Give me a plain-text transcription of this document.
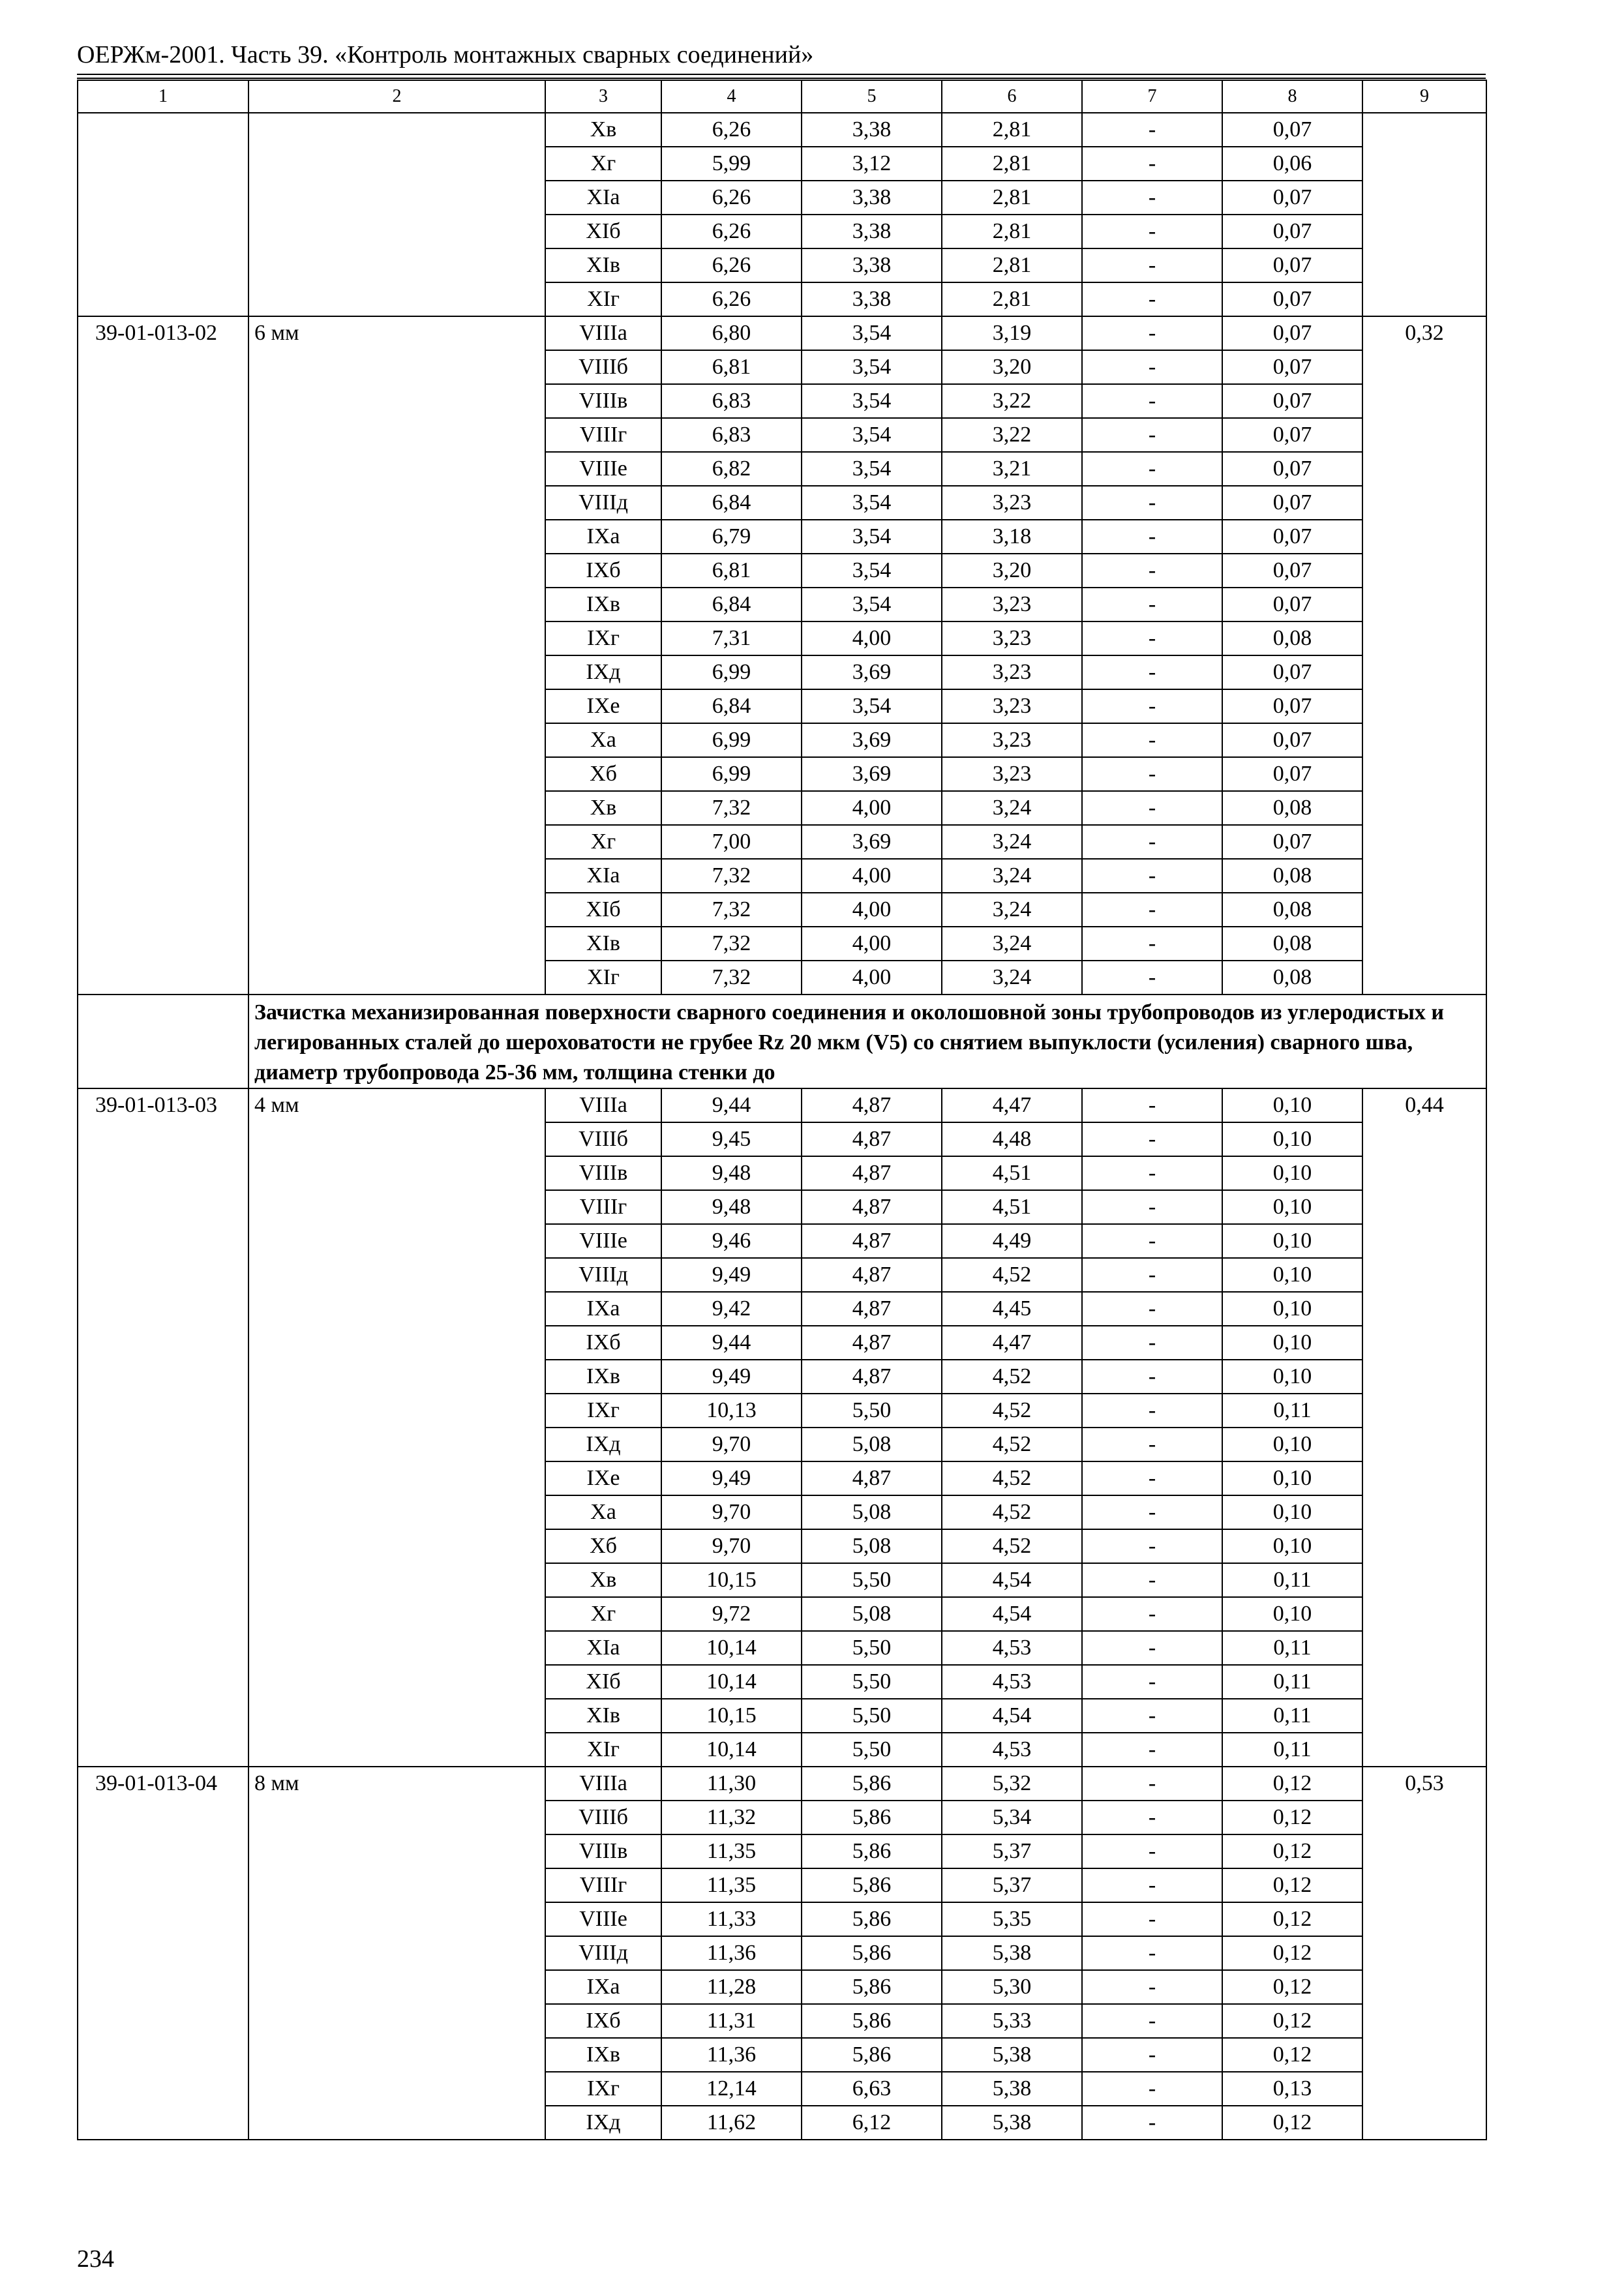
ОЕРЖм-2001. Часть 39. «Контроль монтажных сварных соединений»
1	2	3	4	5	6	7	8	9
		Xв	6,26	3,38	2,81	-	0,07	
		Xг	5,99	3,12	2,81	-	0,06	
		XIа	6,26	3,38	2,81	-	0,07	
		XIб	6,26	3,38	2,81	-	0,07	
		XIв	6,26	3,38	2,81	-	0,07	
		XIг	6,26	3,38	2,81	-	0,07	
39-01-013-02	6 мм	VIIIа	6,80	3,54	3,19	-	0,07	0,32
		VIIIб	6,81	3,54	3,20	-	0,07	
		VIIIв	6,83	3,54	3,22	-	0,07	
		VIIIг	6,83	3,54	3,22	-	0,07	
		VIIIе	6,82	3,54	3,21	-	0,07	
		VIIIд	6,84	3,54	3,23	-	0,07	
		IXа	6,79	3,54	3,18	-	0,07	
		IXб	6,81	3,54	3,20	-	0,07	
		IXв	6,84	3,54	3,23	-	0,07	
		IXг	7,31	4,00	3,23	-	0,08	
		IXд	6,99	3,69	3,23	-	0,07	
		IXе	6,84	3,54	3,23	-	0,07	
		Xа	6,99	3,69	3,23	-	0,07	
		Xб	6,99	3,69	3,23	-	0,07	
		Xв	7,32	4,00	3,24	-	0,08	
		Xг	7,00	3,69	3,24	-	0,07	
		XIа	7,32	4,00	3,24	-	0,08	
		XIб	7,32	4,00	3,24	-	0,08	
		XIв	7,32	4,00	3,24	-	0,08	
		XIг	7,32	4,00	3,24	-	0,08	
	Зачистка механизированная поверхности сварного соединения и околошовной зоны трубопроводов из углеродистых и легированных сталей до шероховатости не грубее Rz 20 мкм (V5) со снятием выпуклости (усиления) сварного шва, диаметр трубопровода 25-36 мм, толщина стенки до							
39-01-013-03	4 мм	VIIIа	9,44	4,87	4,47	-	0,10	0,44
		VIIIб	9,45	4,87	4,48	-	0,10	
		VIIIв	9,48	4,87	4,51	-	0,10	
		VIIIг	9,48	4,87	4,51	-	0,10	
		VIIIе	9,46	4,87	4,49	-	0,10	
		VIIIд	9,49	4,87	4,52	-	0,10	
		IXа	9,42	4,87	4,45	-	0,10	
		IXб	9,44	4,87	4,47	-	0,10	
		IXв	9,49	4,87	4,52	-	0,10	
		IXг	10,13	5,50	4,52	-	0,11	
		IXд	9,70	5,08	4,52	-	0,10	
		IXе	9,49	4,87	4,52	-	0,10	
		Xа	9,70	5,08	4,52	-	0,10	
		Xб	9,70	5,08	4,52	-	0,10	
		Xв	10,15	5,50	4,54	-	0,11	
		Xг	9,72	5,08	4,54	-	0,10	
		XIа	10,14	5,50	4,53	-	0,11	
		XIб	10,14	5,50	4,53	-	0,11	
		XIв	10,15	5,50	4,54	-	0,11	
		XIг	10,14	5,50	4,53	-	0,11	
39-01-013-04	8 мм	VIIIа	11,30	5,86	5,32	-	0,12	0,53
		VIIIб	11,32	5,86	5,34	-	0,12	
		VIIIв	11,35	5,86	5,37	-	0,12	
		VIIIг	11,35	5,86	5,37	-	0,12	
		VIIIе	11,33	5,86	5,35	-	0,12	
		VIIIд	11,36	5,86	5,38	-	0,12	
		IXа	11,28	5,86	5,30	-	0,12	
		IXб	11,31	5,86	5,33	-	0,12	
		IXв	11,36	5,86	5,38	-	0,12	
		IXг	12,14	6,63	5,38	-	0,13	
		IXд	11,62	6,12	5,38	-	0,12	
234
